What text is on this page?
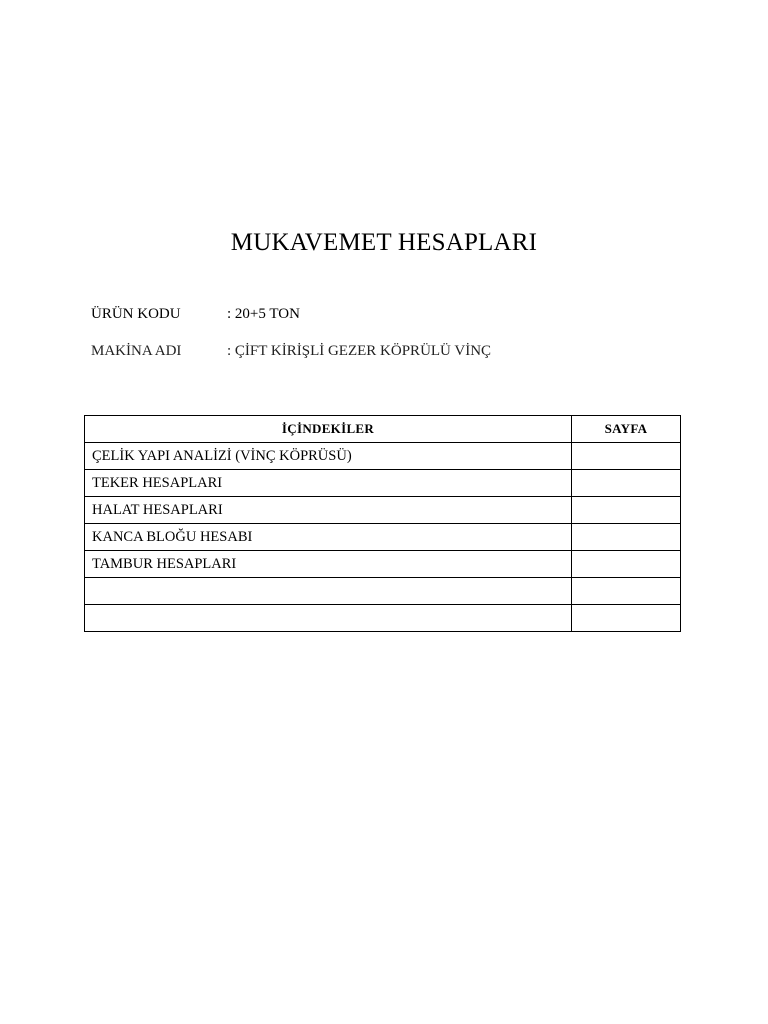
MUKAVEMET HESAPLARI
ÜRÜN KODU	: 20+5 TON
MAKİNA ADI	: ÇİFT KİRİŞLİ GEZER KÖPRÜLÜ VİNÇ
İÇİNDEKİLER	SAYFA
ÇELİK YAPI ANALİZİ (VİNÇ KÖPRÜSÜ)	
TEKER HESAPLARI	
HALAT HESAPLARI	
KANCA BLOĞU HESABI	
TAMBUR HESAPLARI	
